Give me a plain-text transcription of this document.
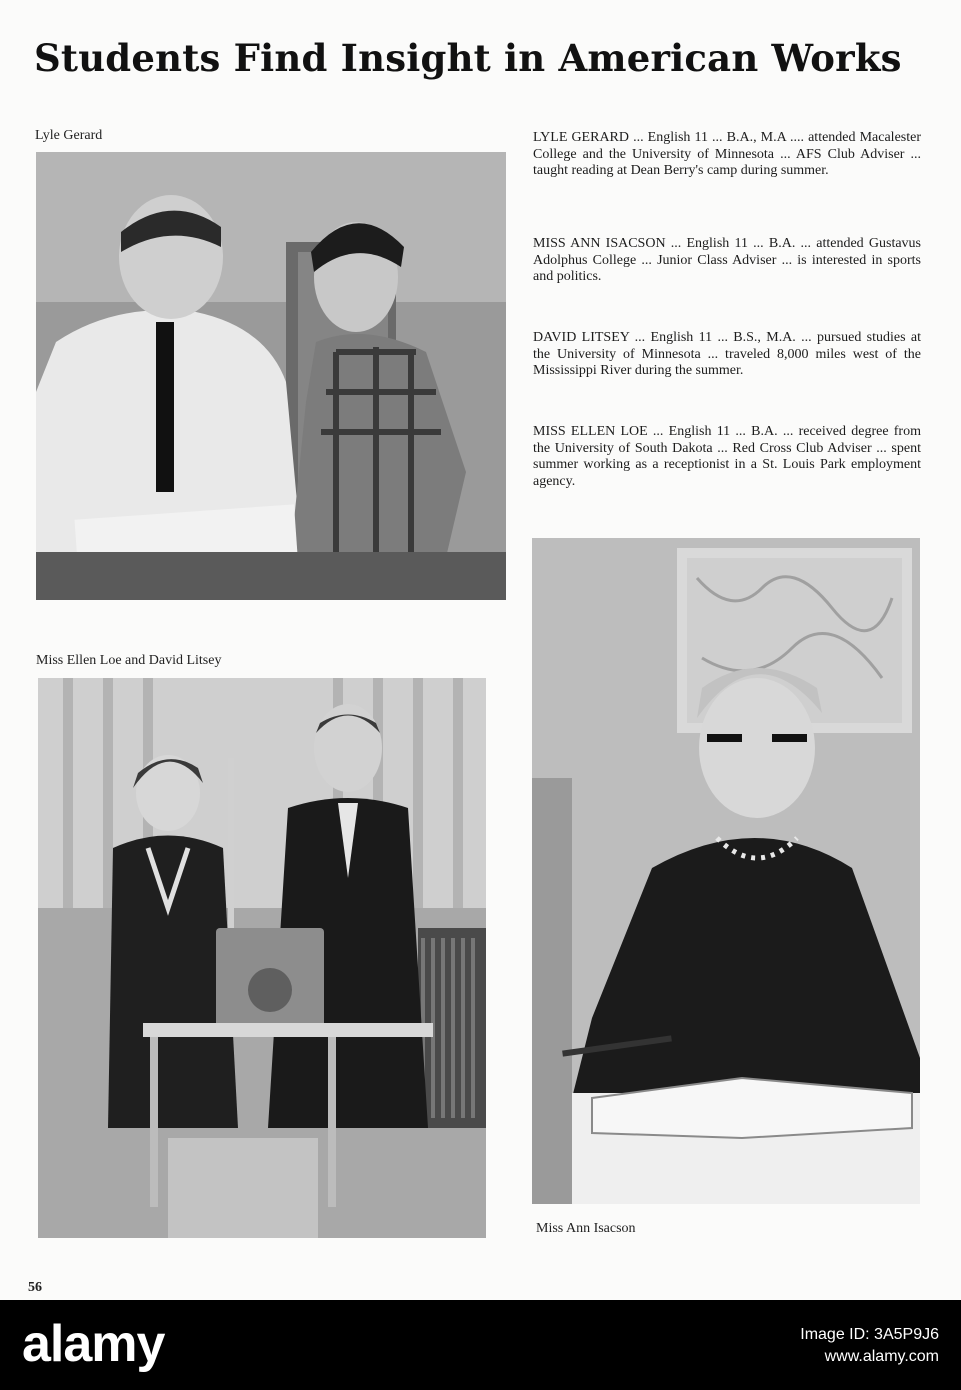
Students Find Insight in American Works
Lyle Gerard
Miss Ellen Loe and David Litsey
LYLE GERARD ... English 11 ... B.A., M.A .... attended Macalester College and the University of Minnesota ... AFS Club Adviser ... taught reading at Dean Berry's camp during summer.
MISS ANN ISACSON ... English 11 ... B.A. ... attended Gustavus Adolphus College ... Junior Class Adviser ... is interested in sports and politics.
DAVID LITSEY ... English 11 ... B.S., M.A. ... pursued studies at the University of Minnesota ... traveled 8,000 miles west of the Mississippi River during the summer.
MISS ELLEN LOE ... English 11 ... B.A. ... received degree from the University of South Dakota ... Red Cross Club Adviser ... spent summer working as a receptionist in a St. Louis Park employment agency.
Miss Ann Isacson
56
alamy	Image ID: 3A5P9J6
www.alamy.com
